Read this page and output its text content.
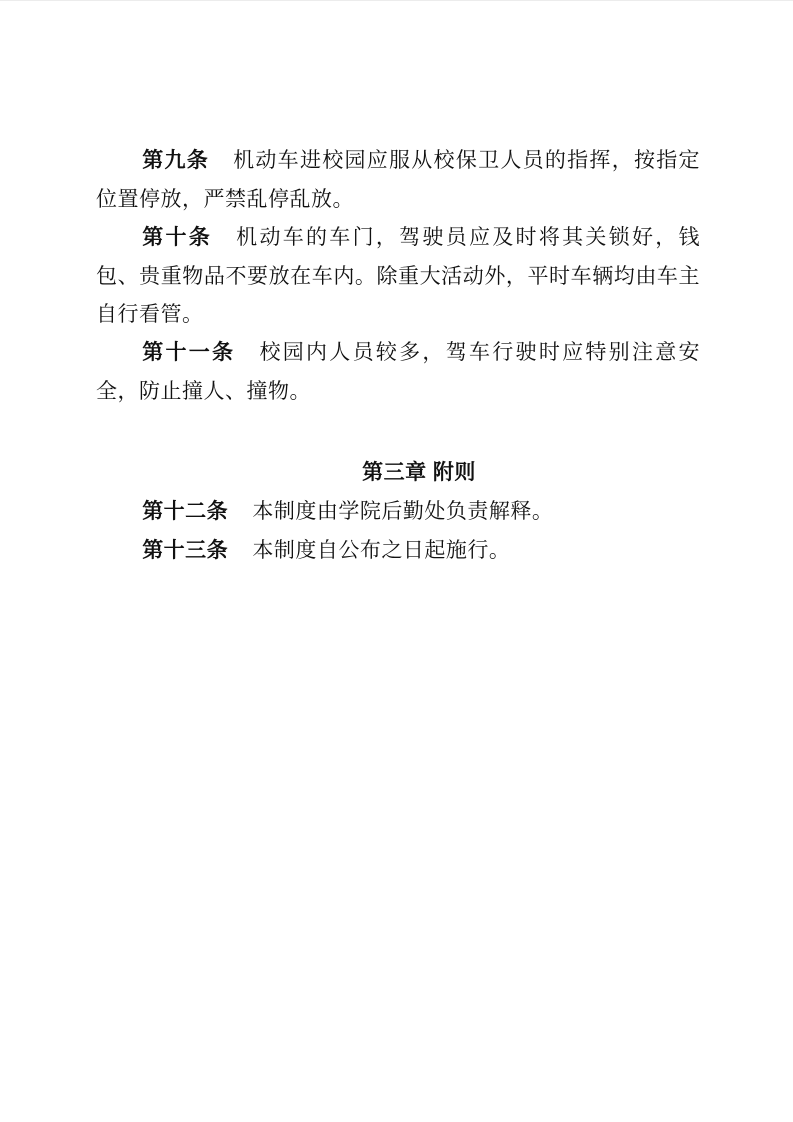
第九条 机动车进校园应服从校保卫人员的指挥，按指定位置停放，严禁乱停乱放。

第十条 机动车的车门，驾驶员应及时将其关锁好，钱包、贵重物品不要放在车内。除重大活动外，平时车辆均由车主自行看管。

第十一条 校园内人员较多，驾车行驶时应特别注意安全，防止撞人、撞物。

第三章 附则

第十二条 本制度由学院后勤处负责解释。

第十三条 本制度自公布之日起施行。
